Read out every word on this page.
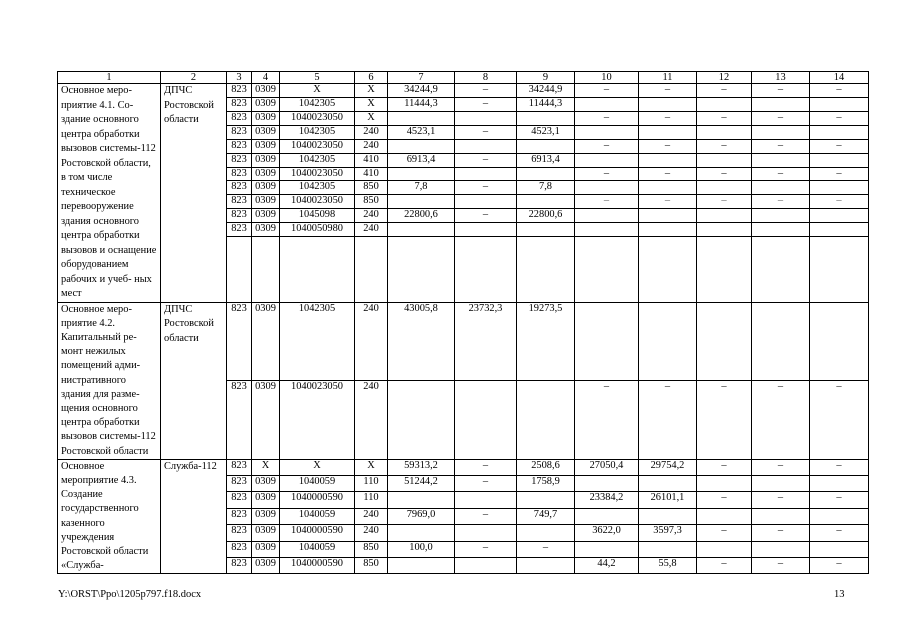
1	2	3	4	5	6	7	8	9	10	11	12	13	14
Основное меро- приятие 4.1. Со- здание основного центра обработки вызовов системы-112 Ростовской области, в том числе техническое перевооружение здания основного центра обработки вызовов и оснащение оборудованием рабочих и учеб- ных мест	ДПЧС Ростовской области	823	0309	X	X	34244,9	–	34244,9	–	–	–	–	–
		823	0309	1042305	X	11444,3	–	11444,3					
		823	0309	1040023050	X				–	–	–	–	–
		823	0309	1042305	240	4523,1	–	4523,1					
		823	0309	1040023050	240				–	–	–	–	–
		823	0309	1042305	410	6913,4	–	6913,4					
		823	0309	1040023050	410				–	–	–	–	–
		823	0309	1042305	850	7,8	–	7,8					
		823	0309	1040023050	850				–	–	–	–	–
		823	0309	1045098	240	22800,6	–	22800,6					
		823	0309	1040050980	240								

Основное меро- приятие 4.2. Капитальный ре- монт нежилых помещений адми- нистративного здания для разме- щения основного центра обработки вызовов системы-112 Ростовской области	ДПЧС Ростовской области	823	0309	1042305	240	43005,8	23732,3	19273,5					
		823	0309	1040023050	240				–	–	–	–	–
Основное мероприятие 4.3. Создание государственного казенного учреждения Ростовской области «Служба-	Служба-112	823	X	X	X	59313,2	–	2508,6	27050,4	29754,2	–	–	–
		823	0309	1040059	110	51244,2	–	1758,9					
		823	0309	1040000590	110				23384,2	26101,1	–	–	–
		823	0309	1040059	240	7969,0	–	749,7					
		823	0309	1040000590	240				3622,0	3597,3	–	–	–
		823	0309	1040059	850	100,0	–	–					
		823	0309	1040000590	850				44,2	55,8	–	–	–
Y:\ORST\Ppo\1205p797.f18.docx	13
